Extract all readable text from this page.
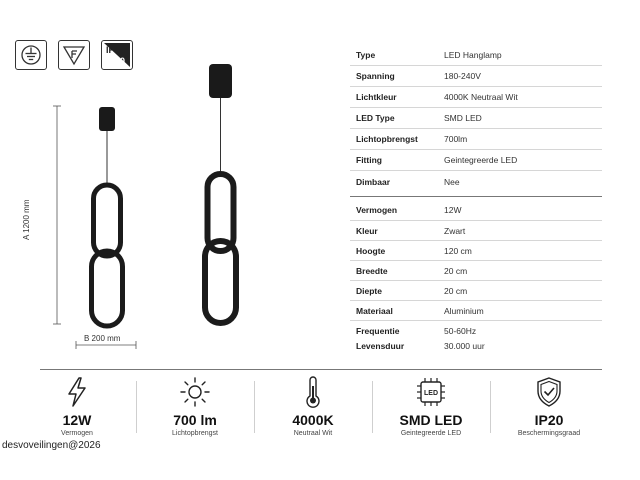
IP
20
A 1200 mm
B 200 mm
Type	LED Hanglamp
Spanning	180-240V
Lichtkleur	4000K Neutraal Wit
LED Type	SMD LED
Lichtopbrengst	700lm
Fitting	Geintegreerde LED
Dimbaar	Nee
Vermogen	12W
Kleur	Zwart
Hoogte	120 cm
Breedte	20 cm
Diepte	20 cm
Materiaal	Aluminium
Frequentie	50-60Hz
Levensduur	30.000 uur
12W
Vermogen
700 lm
Lichtopbrengst
4000K
Neutraal Wit
LED
SMD LED
Geintegreerde LED
IP20
Beschermingsgraad
desvoveilingen@2026
